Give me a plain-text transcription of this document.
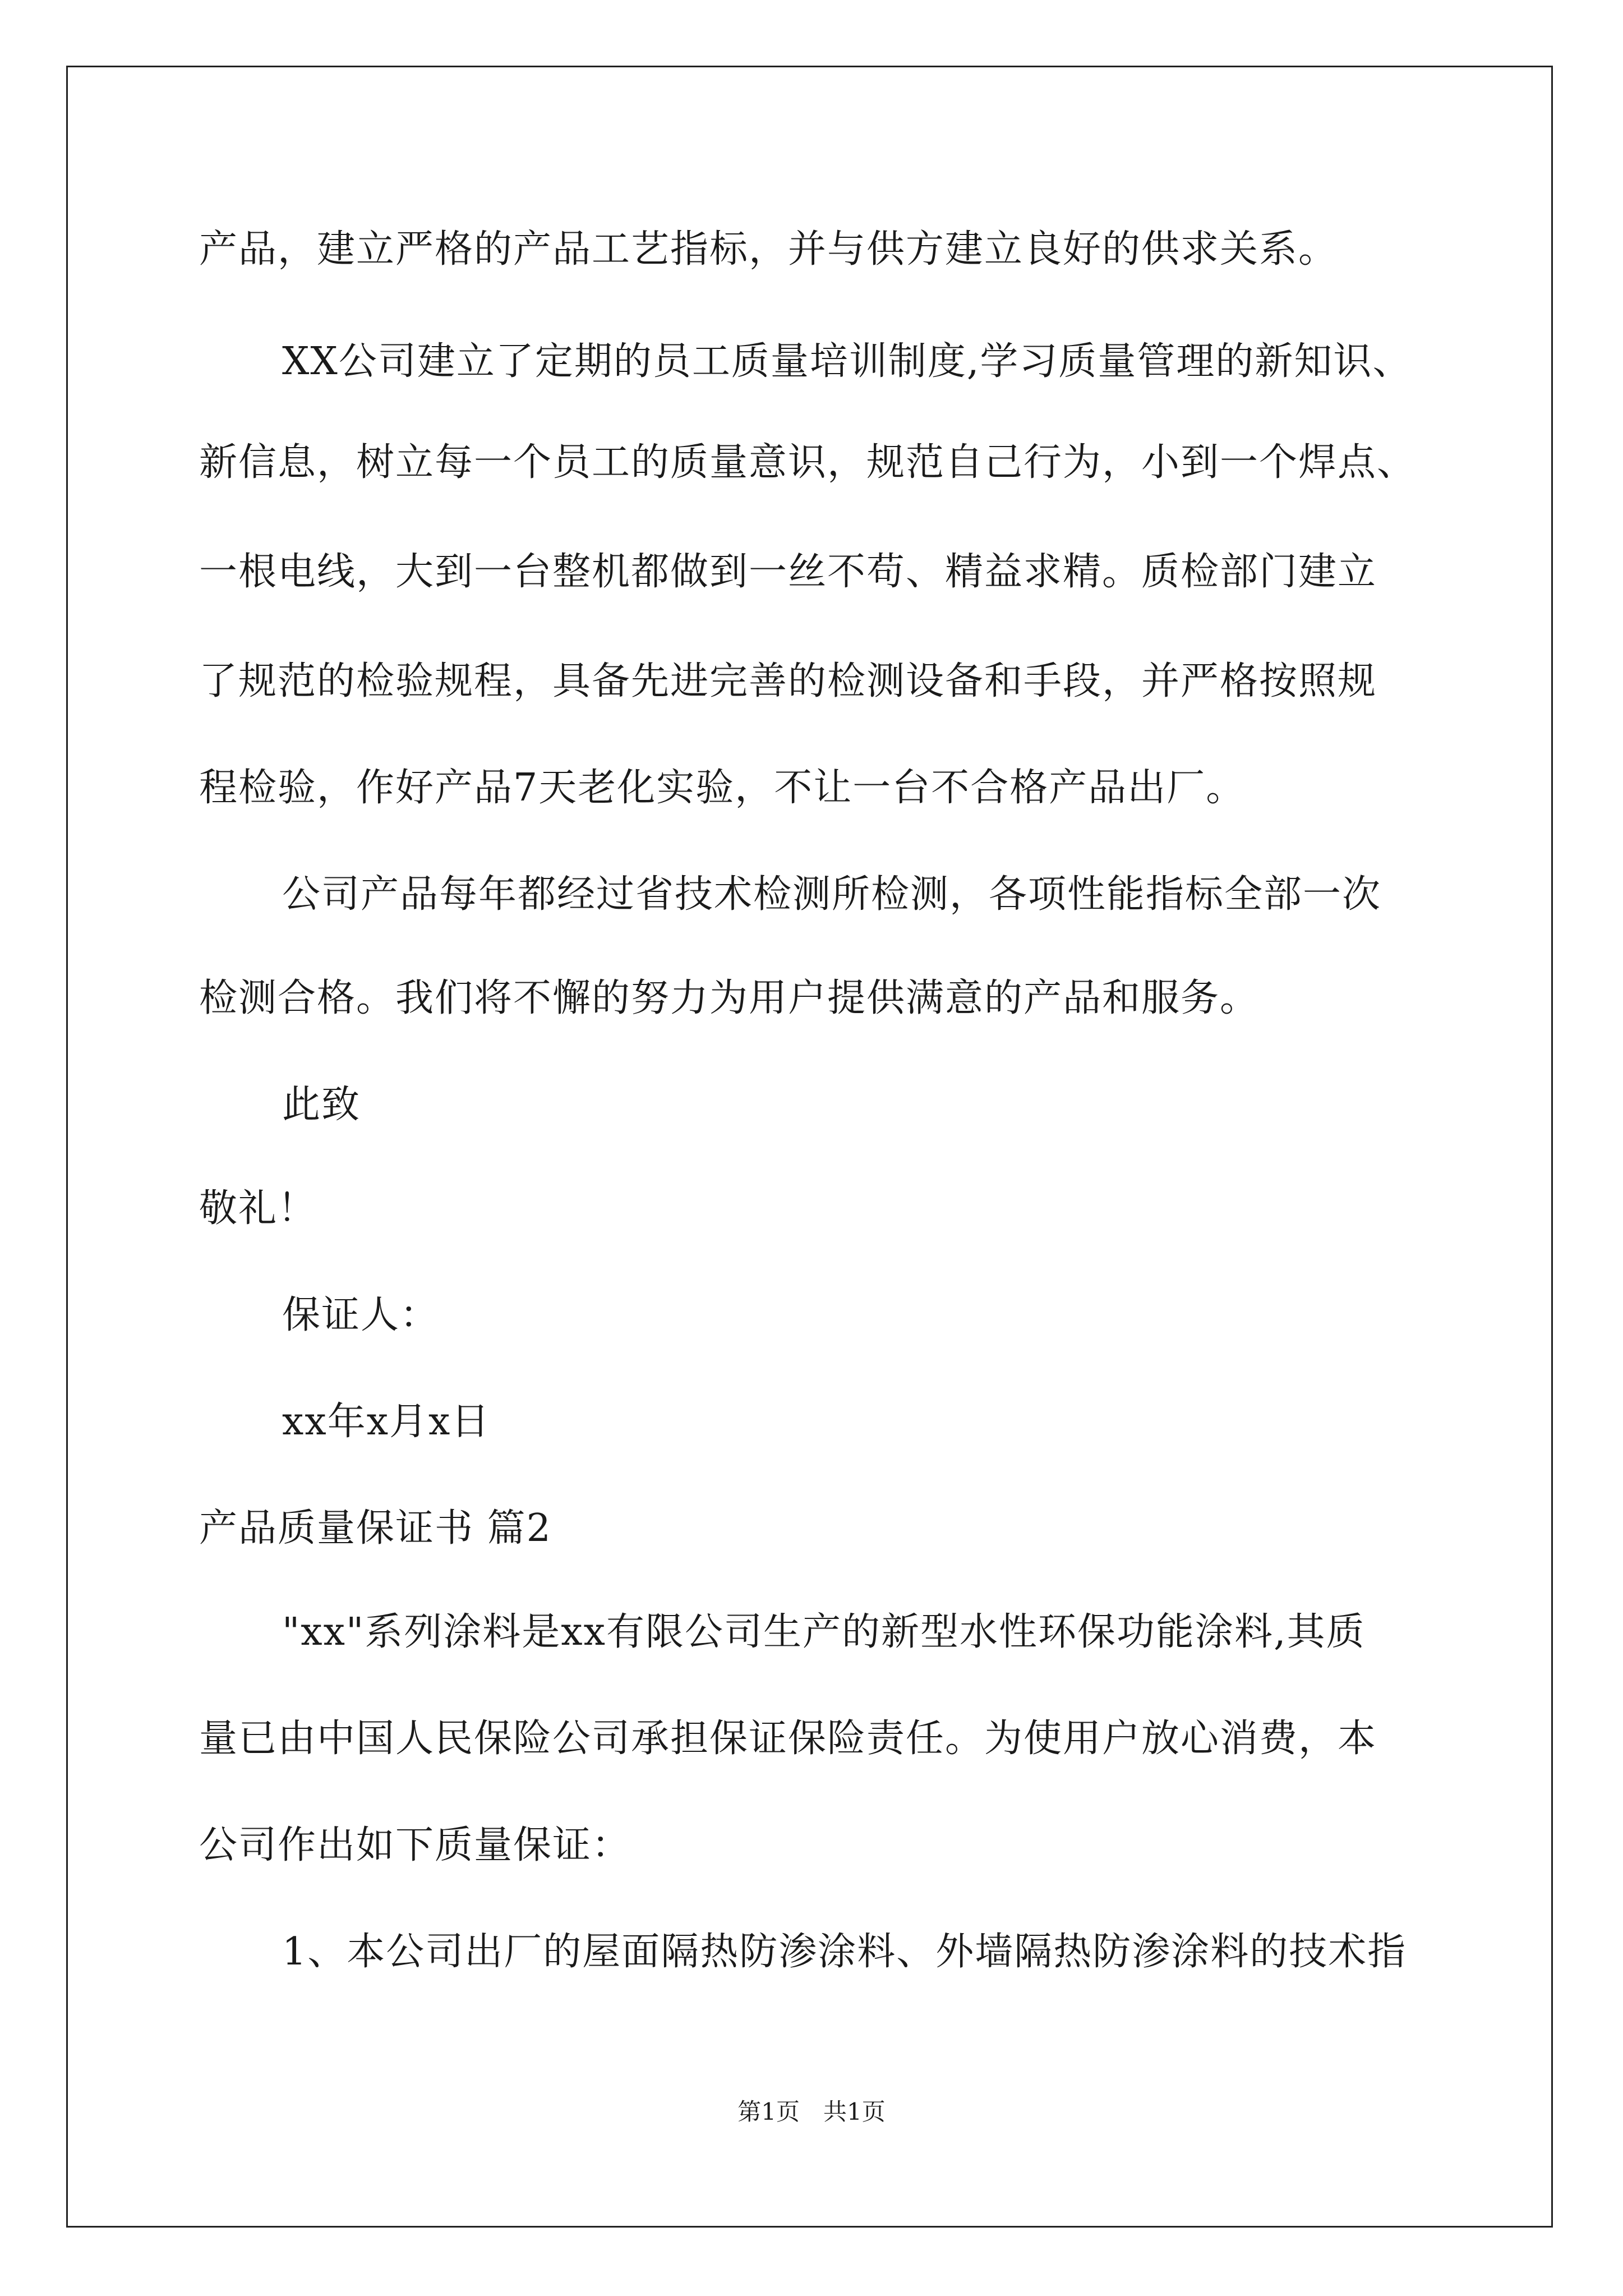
产品，建立严格的产品工艺指标，并与供方建立良好的供求关系。
XX公司建立了定期的员工质量培训制度,学习质量管理的新知识、
新信息，树立每一个员工的质量意识，规范自己行为，小到一个焊点、
一根电线，大到一台整机都做到一丝不苟、精益求精。质检部门建立
了规范的检验规程，具备先进完善的检测设备和手段，并严格按照规
程检验，作好产品7天老化实验，不让一台不合格产品出厂。
公司产品每年都经过省技术检测所检测，各项性能指标全部一次
检测合格。我们将不懈的努力为用户提供满意的产品和服务。
此致
敬礼！
保证人：
xx年x月x日
产品质量保证书 篇2
"xx"系列涂料是xx有限公司生产的新型水性环保功能涂料,其质
量已由中国人民保险公司承担保证保险责任。为使用户放心消费，本
公司作出如下质量保证：
1、本公司出厂的屋面隔热防渗涂料、外墙隔热防渗涂料的技术指
第1页　共1页
